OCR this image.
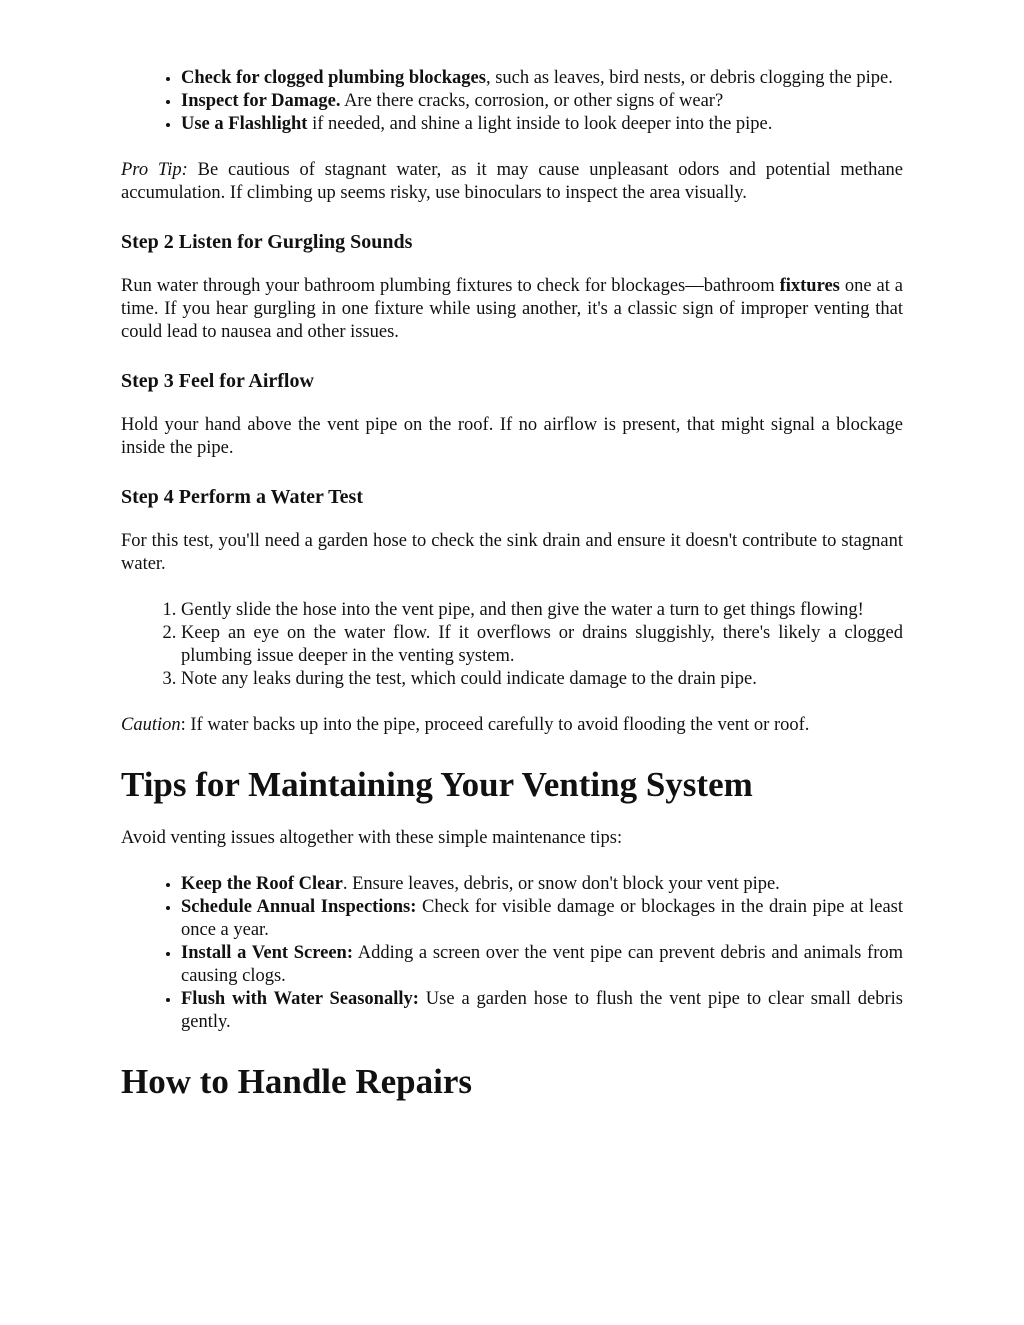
• Check for clogged plumbing blockages, such as leaves, bird nests, or debris clogging the pipe.
• Inspect for Damage. Are there cracks, corrosion, or other signs of wear?
• Use a Flashlight if needed, and shine a light inside to look deeper into the pipe.

Pro Tip: Be cautious of stagnant water, as it may cause unpleasant odors and potential methane accumulation. If climbing up seems risky, use binoculars to inspect the area visually.

Step 2 Listen for Gurgling Sounds

Run water through your bathroom plumbing fixtures to check for blockages—bathroom fixtures one at a time. If you hear gurgling in one fixture while using another, it's a classic sign of improper venting that could lead to nausea and other issues.

Step 3 Feel for Airflow

Hold your hand above the vent pipe on the roof. If no airflow is present, that might signal a blockage inside the pipe.

Step 4 Perform a Water Test

For this test, you'll need a garden hose to check the sink drain and ensure it doesn't contribute to stagnant water.

1. Gently slide the hose into the vent pipe, and then give the water a turn to get things flowing!
2. Keep an eye on the water flow. If it overflows or drains sluggishly, there's likely a clogged plumbing issue deeper in the venting system.
3. Note any leaks during the test, which could indicate damage to the drain pipe.

Caution: If water backs up into the pipe, proceed carefully to avoid flooding the vent or roof.

Tips for Maintaining Your Venting System

Avoid venting issues altogether with these simple maintenance tips:

• Keep the Roof Clear. Ensure leaves, debris, or snow don't block your vent pipe.
• Schedule Annual Inspections: Check for visible damage or blockages in the drain pipe at least once a year.
• Install a Vent Screen: Adding a screen over the vent pipe can prevent debris and animals from causing clogs.
• Flush with Water Seasonally: Use a garden hose to flush the vent pipe to clear small debris gently.
How to Handle Repairs
